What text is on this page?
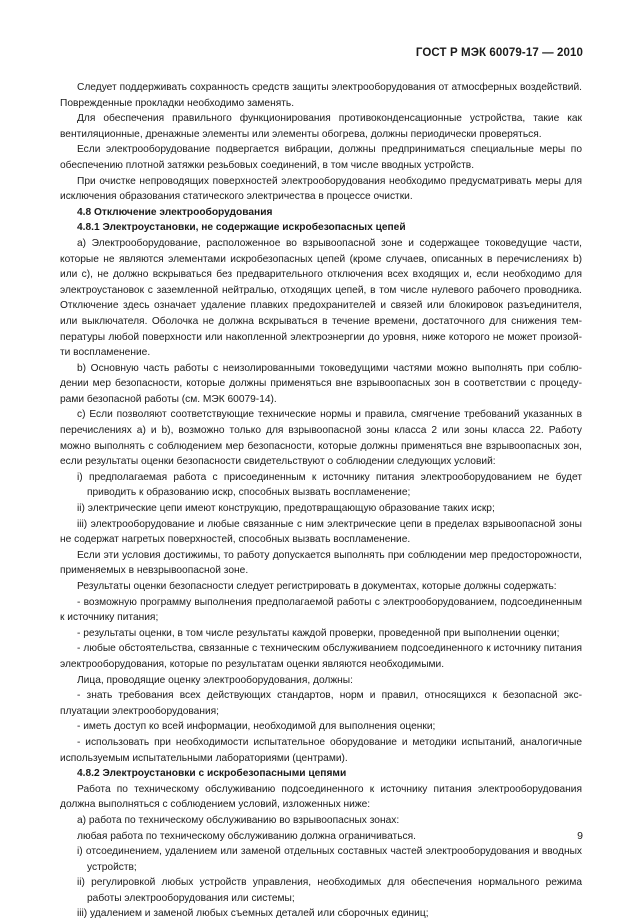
ГОСТ Р МЭК 60079-17 — 2010

Следует поддерживать сохранность средств защиты электрооборудования от атмосферных воздействий. Поврежденные прокладки необходимо заменять.

Для обеспечения правильного функционирования противоконденсационные устройства, такие как вентиляционные, дренажные элементы или элементы обогрева, должны периодически проверяться.

Если электрооборудование подвергается вибрации, должны предприниматься специальные меры по обеспечению плотной затяжки резьбовых соединений, в том числе вводных устройств.

При очистке непроводящих поверхностей электрооборудования необходимо предусматривать меры для исключения образования статического электричества в процессе очистки.

4.8 Отключение электрооборудования

4.8.1 Электроустановки, не содержащие искробезопасных цепей

a) Электрооборудование, расположенное во взрывоопасной зоне и содержащее токоведущие части, которые не являются элементами искробезопасных цепей (кроме случаев, описанных в перечислениях b) или c), не должно вскрываться без предварительного отключения всех входящих и, если необходимо для электроустановок с заземленной нейтралью, отходящих цепей, в том числе нулевого рабочего проводника. Отключение здесь означает удаление плавких предохранителей и связей или блокировок разъединителя, или выключателя. Оболочка не должна вскрываться в течение времени, достаточного для снижения температуры любой поверхности или накопленной электроэнергии до уровня, ниже которого не может произойти воспламенение.

b) Основную часть работы с неизолированными токоведущими частями можно выполнять при соблюдении мер безопасности, которые должны применяться вне взрывоопасных зон в соответствии с процедурами безопасной работы (см. МЭК 60079-14).

c) Если позволяют соответствующие технические нормы и правила, смягчение требований указанных в перечислениях a) и b), возможно только для взрывоопасной зоны класса 2 или зоны класса 22. Работу можно выполнять с соблюдением мер безопасности, которые должны применяться вне взрывоопасных зон, если результаты оценки безопасности свидетельствуют о соблюдении следующих условий:

i) предполагаемая работа с присоединенным к источнику питания электрооборудованием не будет приводить к образованию искр, способных вызвать воспламенение;

ii) электрические цепи имеют конструкцию, предотвращающую образование таких искр;

iii) электрооборудование и любые связанные с ним электрические цепи в пределах взрывоопасной зоны не содержат нагретых поверхностей, способных вызвать воспламенение.

Если эти условия достижимы, то работу допускается выполнять при соблюдении мер предосторожности, применяемых в невзрывоопасной зоне.

Результаты оценки безопасности следует регистрировать в документах, которые должны содержать:

- возможную программу выполнения предполагаемой работы с электрооборудованием, подсоединенным к источнику питания;

- результаты оценки, в том числе результаты каждой проверки, проведенной при выполнении оценки;

- любые обстоятельства, связанные с техническим обслуживанием подсоединенного к источнику питания электрооборудования, которые по результатам оценки являются необходимыми.

Лица, проводящие оценку электрооборудования, должны:

- знать требования всех действующих стандартов, норм и правил, относящихся к безопасной эксплуатации электрооборудования;

- иметь доступ ко всей информации, необходимой для выполнения оценки;

- использовать при необходимости испытательное оборудование и методики испытаний, аналогичные используемым испытательными лабораториями (центрами).

4.8.2 Электроустановки с искробезопасными цепями

Работа по техническому обслуживанию подсоединенного к источнику питания электрооборудования должна выполняться с соблюдением условий, изложенных ниже:

a) работа по техническому обслуживанию во взрывоопасных зонах:

любая работа по техническому обслуживанию должна ограничиваться.

i) отсоединением, удалением или заменой отдельных составных частей электрооборудования и вводных устройств;

ii) регулировкой любых устройств управления, необходимых для обеспечения нормального режима работы электрооборудования или системы;

iii) удалением и заменой любых съемных деталей или сборочных единиц;

9
